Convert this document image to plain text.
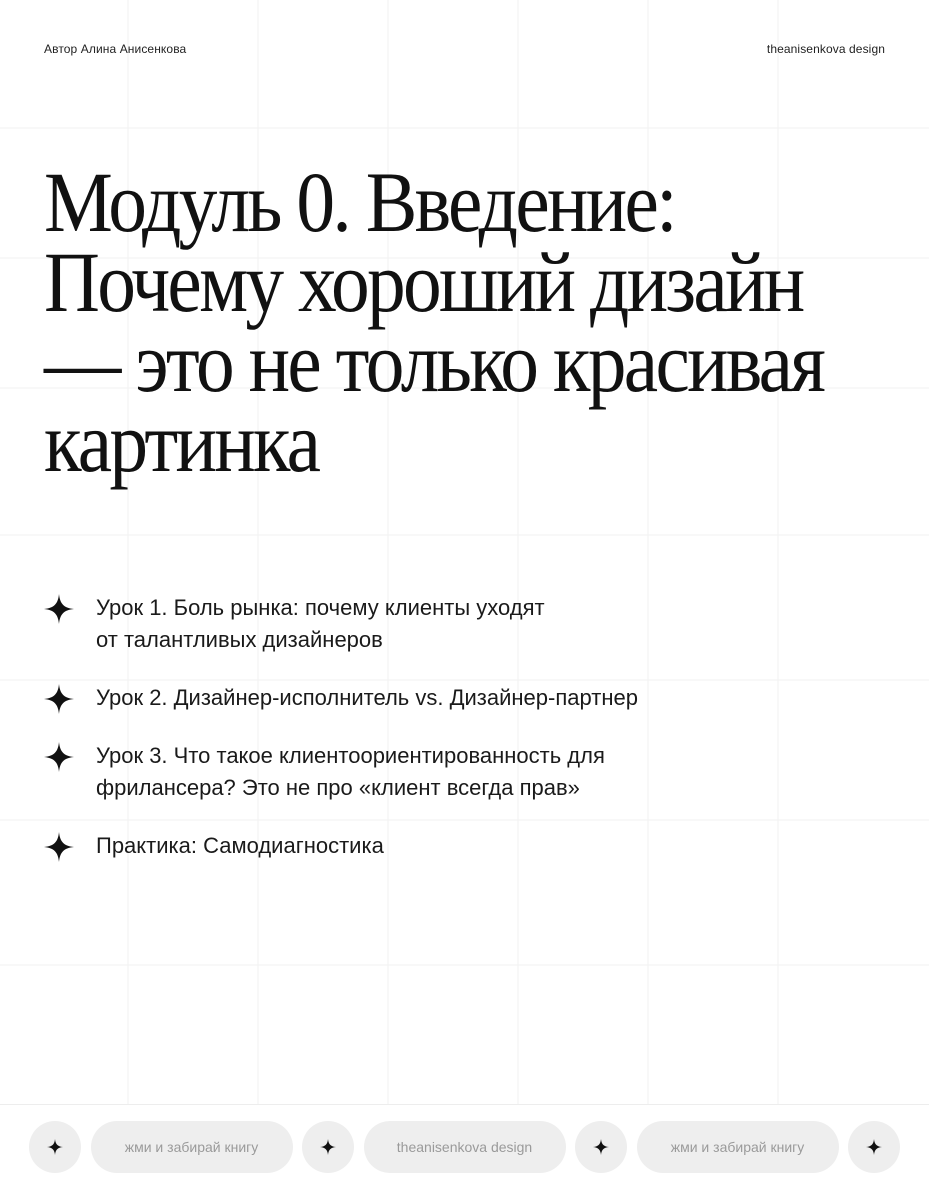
Автор Алина Анисенкова	theanisenkova design
Модуль 0. Введение:
Почему хороший дизайн
— это не только красивая
картинка
Урок 1. Боль рынка: почему клиенты уходят
от талантливых дизайнеров
Урок 2. Дизайнер-исполнитель vs. Дизайнер-партнер
Урок 3. Что такое клиентоориентированность для
фрилансера? Это не про «клиент всегда прав»
Практика: Самодиагностика
жми и забирай книгу	theanisenkova design	жми и забирай книгу
